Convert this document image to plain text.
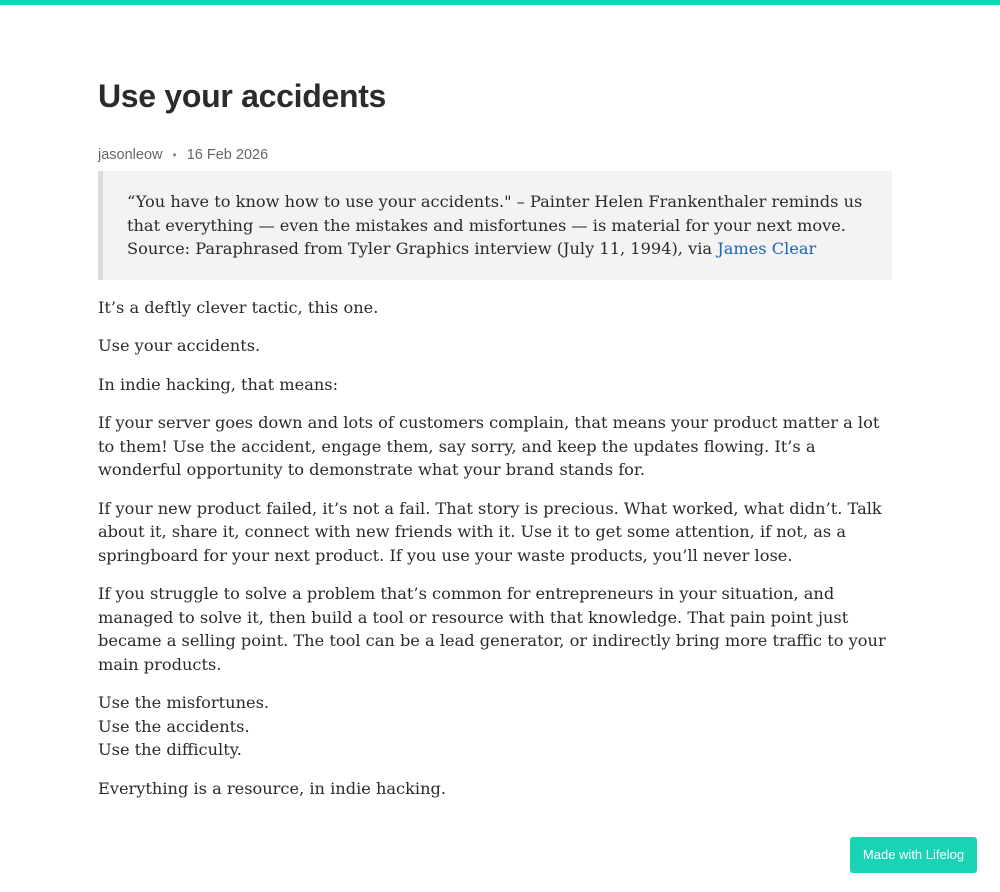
Use your accidents
jasonleow • 16 Feb 2026
“You have to know how to use your accidents." – Painter Helen Frankenthaler reminds us that everything — even the mistakes and misfortunes — is material for your next move. Source: Paraphrased from Tyler Graphics interview (July 11, 1994), via James Clear

It’s a deftly clever tactic, this one.

Use your accidents.

In indie hacking, that means:

If your server goes down and lots of customers complain, that means your product matter a lot to them! Use the accident, engage them, say sorry, and keep the updates flowing. It’s a wonderful opportunity to demonstrate what your brand stands for.

If your new product failed, it’s not a fail. That story is precious. What worked, what didn’t. Talk about it, share it, connect with new friends with it. Use it to get some attention, if not, as a springboard for your next product. If you use your waste products, you’ll never lose.

If you struggle to solve a problem that’s common for entrepreneurs in your situation, and managed to solve it, then build a tool or resource with that knowledge. That pain point just became a selling point. The tool can be a lead generator, or indirectly bring more traffic to your main products.

Use the misfortunes.
Use the accidents.
Use the difficulty.

Everything is a resource, in indie hacking.

Made with Lifelog
